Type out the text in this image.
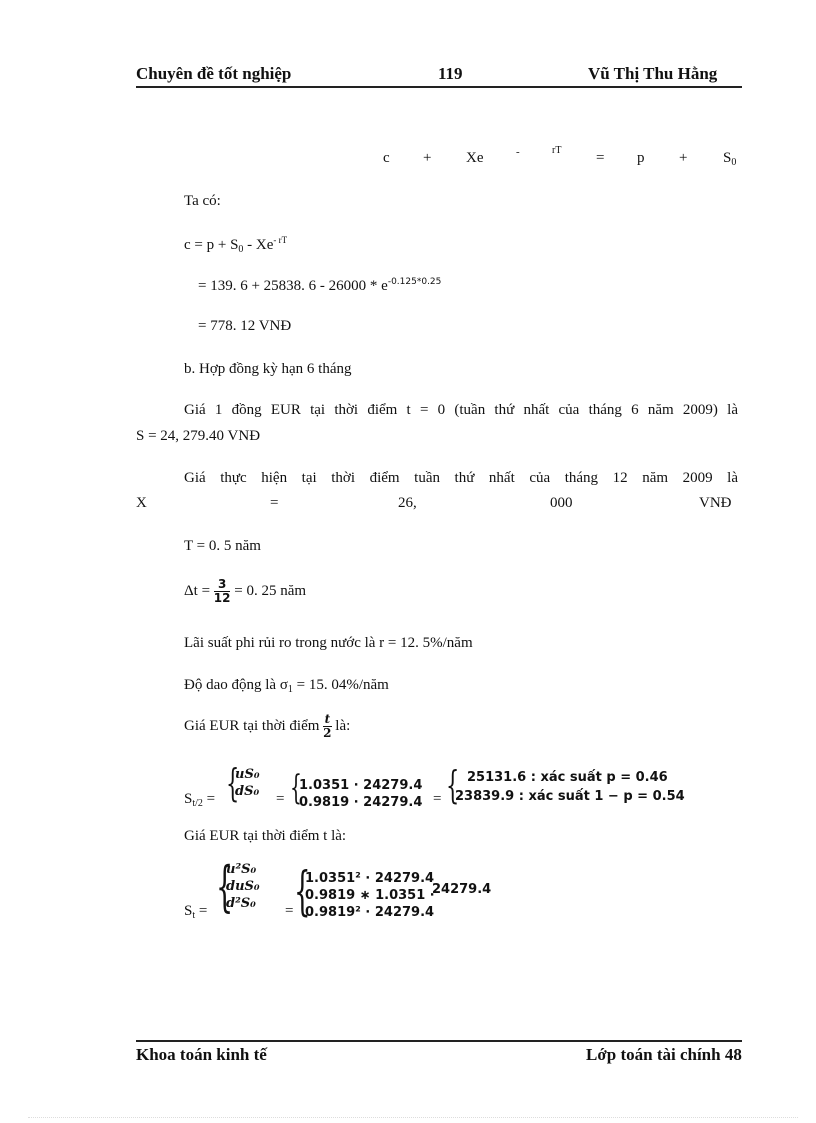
Chuyên đề tốt nghiệp	119	Vũ Thị Thu Hằng
c + Xe	-	rT = $p + S_0$
Ta có:
$c = p + S_0 - Xe^{- rT}$
= 139. 6 + 25838. $6 - 26000 * e^{-0.125*0.25}$
= 778. 12 VNĐ
b. Hợp đồng kỳ hạn 6 tháng
Giá 1 đồng EUR tại thời điểm t = 0 (tuần thứ nhất của tháng 6 năm 2009) là
S = 24, 279.40 VNĐ
Giá thực hiện tại thời điểm tuần thứ nhất của tháng 12 năm 2009 là
X	=	26,	000	VNĐ
T = 0. 5 năm
$\Delta t = \frac{3}{12} = 0$. 25 năm
Lãi suất phi rủi ro trong nước là r = 12. 5%/năm
Độ dao động là $\sigma_1 = 15$. 04%/năm
Giá EUR tại thời điểm $\frac{t}{2}$ là:
$S_{t/2}$ = {
uS₀
dS₀ = {
1.0351 ∙ 24279.4
0.9819 ∙ 24279.4 = { 25131.6 : xác suất p = 0.46
23839.9 : xác suất 1 − p = 0.54
Giá EUR tại thời điểm t là:
$S_t$ = {
u²S₀
duS₀
d²S₀ = {
1.0351² ∙ 24279.4
0.9819 ∗ 1.0351 ∙
0.9819² ∙ 24279.4
24279.4
Khoa toán kinh tế	Lớp toán tài chính 48
